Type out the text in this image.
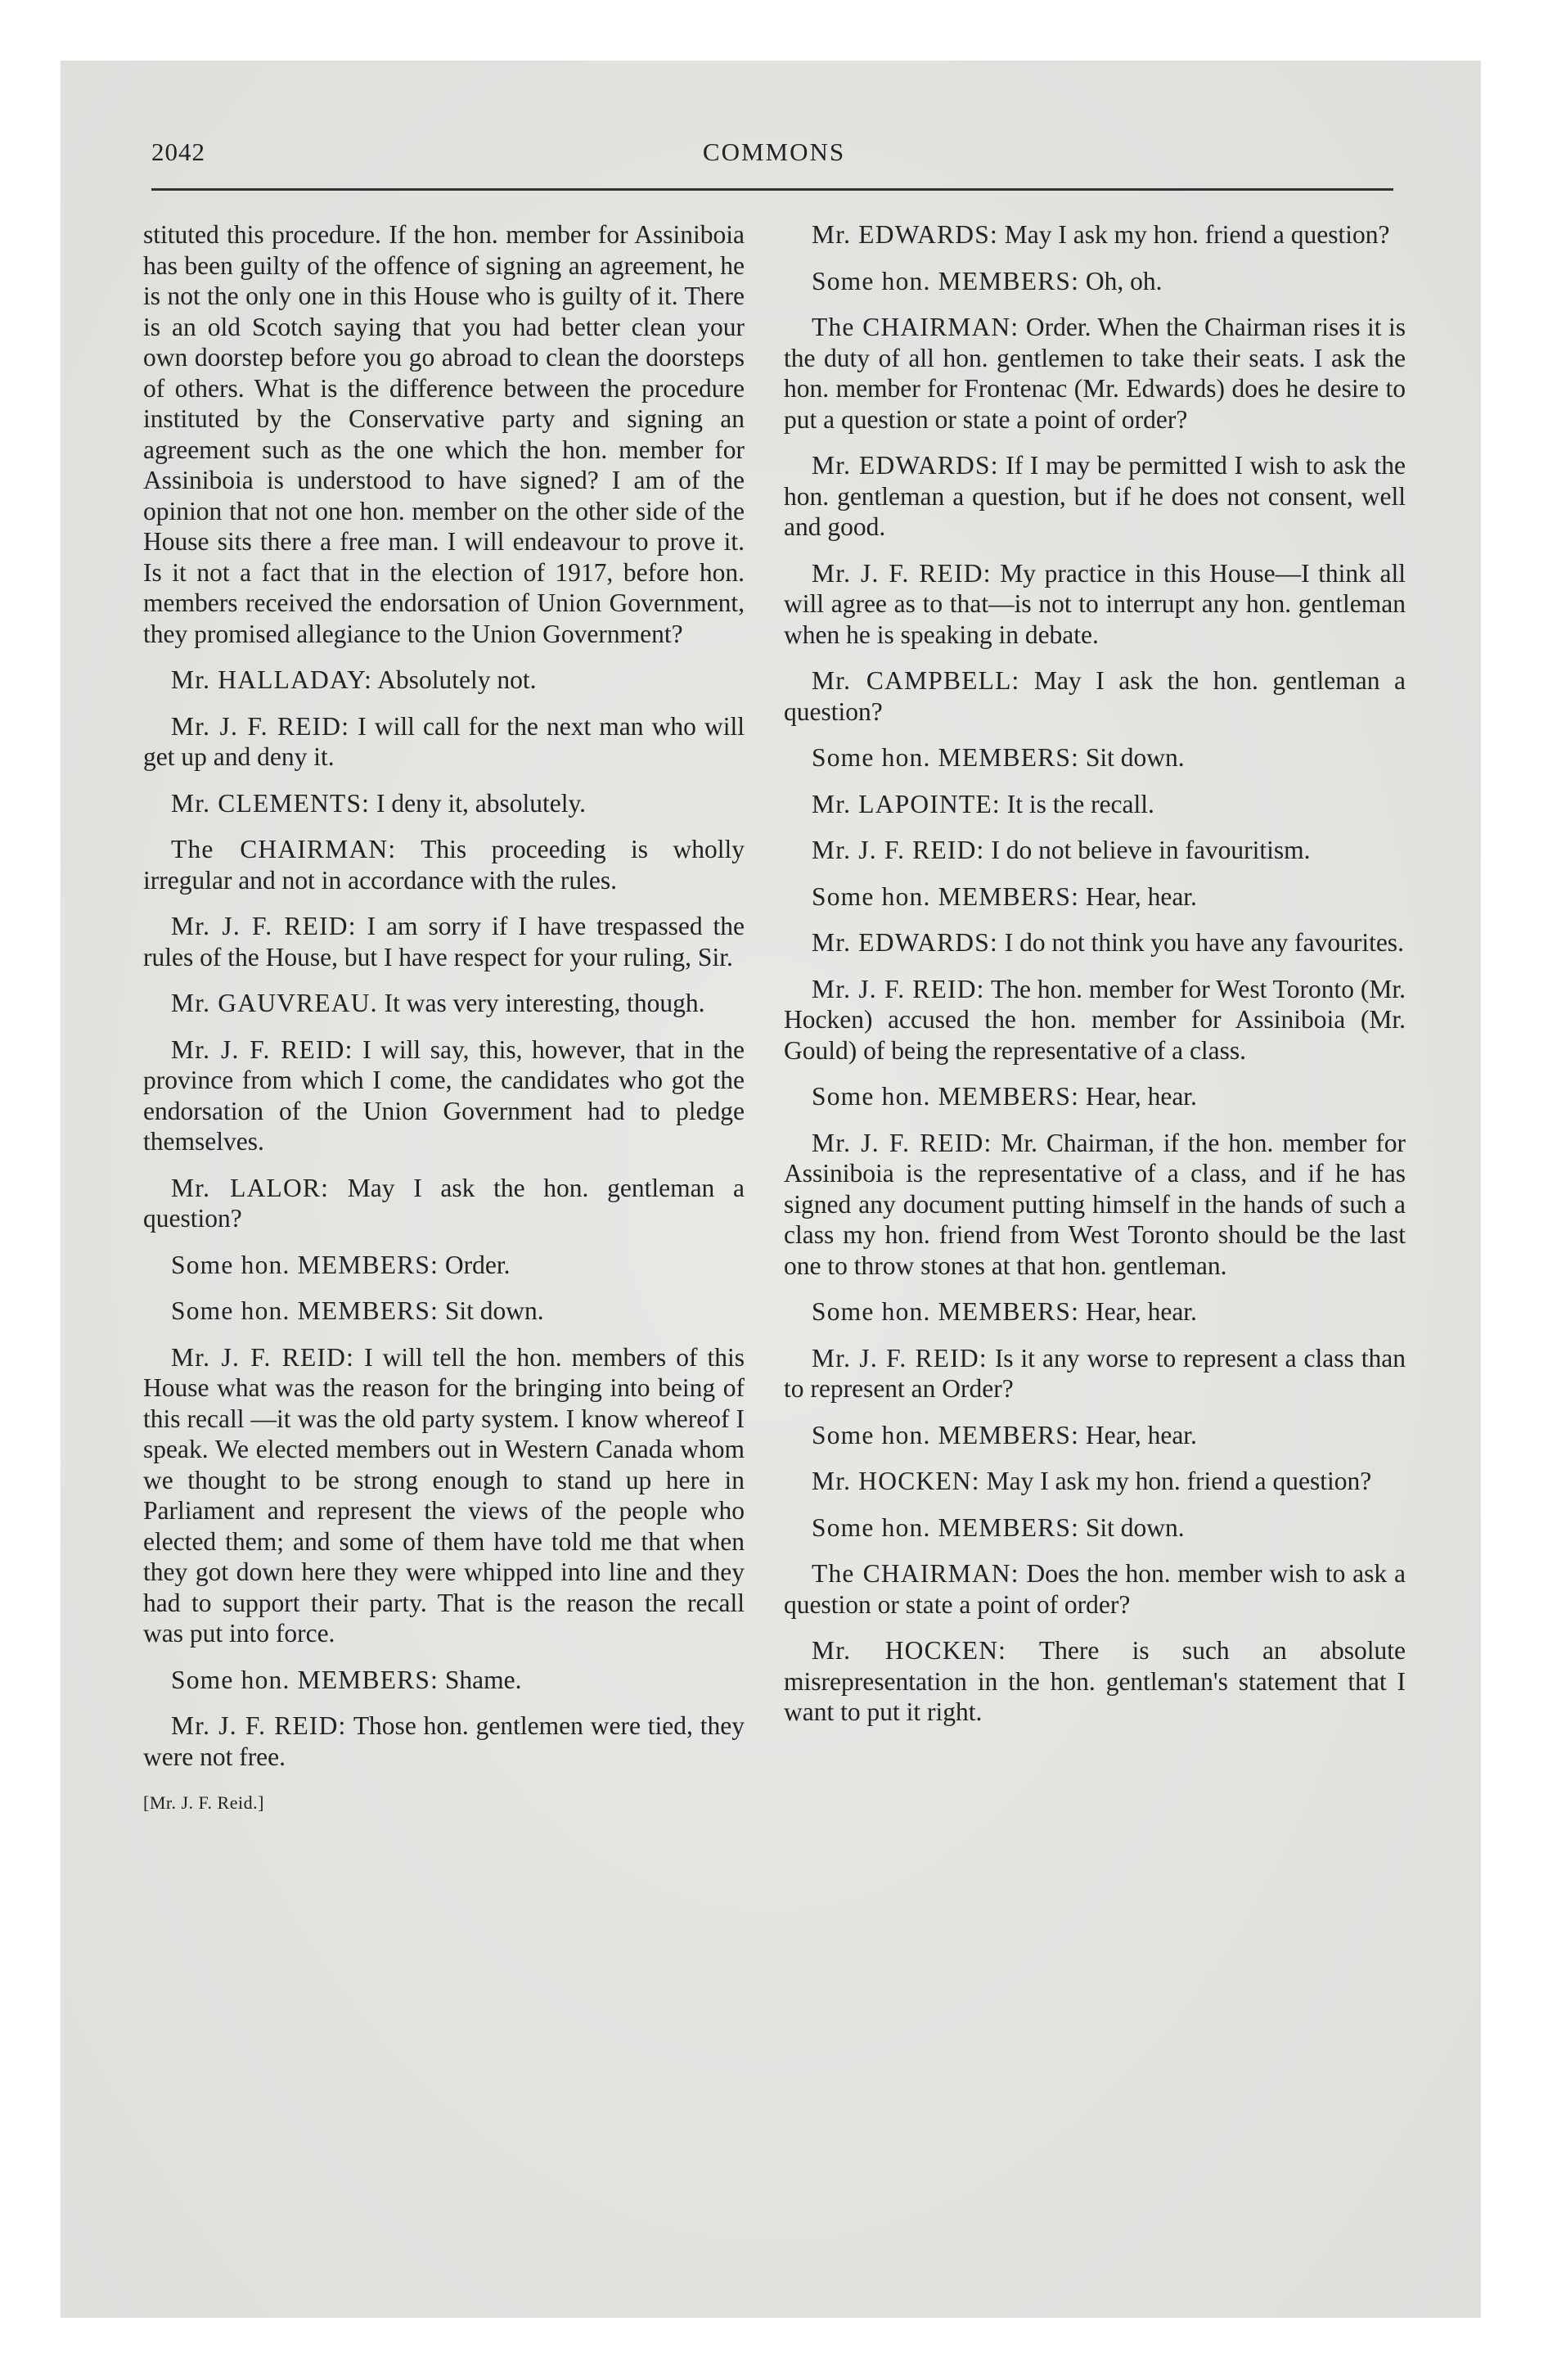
2042	COMMONS

stituted this procedure. If the hon. member for Assiniboia has been guilty of the offence of signing an agreement, he is not the only one in this House who is guilty of it. There is an old Scotch saying that you had better clean your own doorstep before you go abroad to clean the doorsteps of others. What is the difference between the procedure instituted by the Conservative party and signing an agreement such as the one which the hon. member for Assiniboia is understood to have signed? I am of the opinion that not one hon. member on the other side of the House sits there a free man. I will endeavour to prove it. Is it not a fact that in the election of 1917, before hon. members received the endorsation of Union Government, they promised allegiance to the Union Government?

Mr. HALLADAY: Absolutely not.

Mr. J. F. REID: I will call for the next man who will get up and deny it.

Mr. CLEMENTS: I deny it, absolutely.

The CHAIRMAN: This proceeding is wholly irregular and not in accordance with the rules.

Mr. J. F. REID: I am sorry if I have trespassed the rules of the House, but I have respect for your ruling, Sir.

Mr. GAUVREAU. It was very interesting, though.

Mr. J. F. REID: I will say, this, however, that in the province from which I come, the candidates who got the endorsation of the Union Government had to pledge themselves.

Mr. LALOR: May I ask the hon. gentleman a question?

Some hon. MEMBERS: Order.

Some hon. MEMBERS: Sit down.

Mr. J. F. REID: I will tell the hon. members of this House what was the reason for the bringing into being of this recall —it was the old party system. I know whereof I speak. We elected members out in Western Canada whom we thought to be strong enough to stand up here in Parliament and represent the views of the people who elected them; and some of them have told me that when they got down here they were whipped into line and they had to support their party. That is the reason the recall was put into force.

Some hon. MEMBERS: Shame.

Mr. J. F. REID: Those hon. gentlemen were tied, they were not free.

[Mr. J. F. Reid.]

Mr. EDWARDS: May I ask my hon. friend a question?

Some hon. MEMBERS: Oh, oh.

The CHAIRMAN: Order. When the Chairman rises it is the duty of all hon. gentlemen to take their seats. I ask the hon. member for Frontenac (Mr. Edwards) does he desire to put a question or state a point of order?

Mr. EDWARDS: If I may be permitted I wish to ask the hon. gentleman a question, but if he does not consent, well and good.

Mr. J. F. REID: My practice in this House—I think all will agree as to that—is not to interrupt any hon. gentleman when he is speaking in debate.

Mr. CAMPBELL: May I ask the hon. gentleman a question?

Some hon. MEMBERS: Sit down.

Mr. LAPOINTE: It is the recall.

Mr. J. F. REID: I do not believe in favouritism.

Some hon. MEMBERS: Hear, hear.

Mr. EDWARDS: I do not think you have any favourites.

Mr. J. F. REID: The hon. member for West Toronto (Mr. Hocken) accused the hon. member for Assiniboia (Mr. Gould) of being the representative of a class.

Some hon. MEMBERS: Hear, hear.

Mr. J. F. REID: Mr. Chairman, if the hon. member for Assiniboia is the representative of a class, and if he has signed any document putting himself in the hands of such a class my hon. friend from West Toronto should be the last one to throw stones at that hon. gentleman.

Some hon. MEMBERS: Hear, hear.

Mr. J. F. REID: Is it any worse to represent a class than to represent an Order?

Some hon. MEMBERS: Hear, hear.

Mr. HOCKEN: May I ask my hon. friend a question?

Some hon. MEMBERS: Sit down.

The CHAIRMAN: Does the hon. member wish to ask a question or state a point of order?

Mr. HOCKEN: There is such an absolute misrepresentation in the hon. gentleman's statement that I want to put it right.
